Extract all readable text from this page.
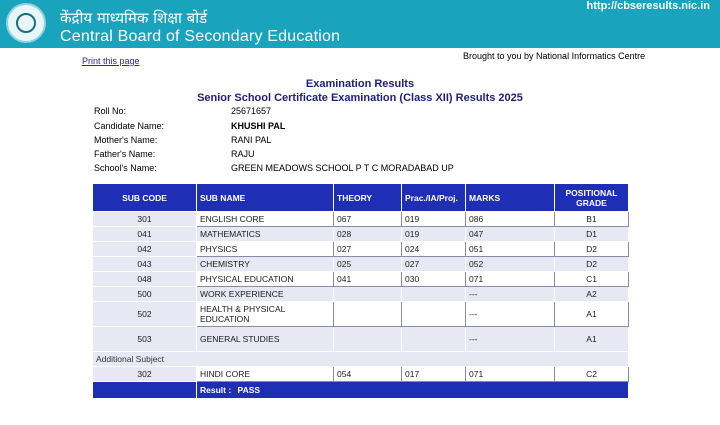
केंद्रीय माध्यमिक शिक्षा बोर्ड
Central Board of Secondary Education
http://cbseresults.nic.in
Print this page	Brought to you by National Informatics Centre
Examination Results
Senior School Certificate Examination (Class XII) Results 2025
Roll No:	25671657
Candidate Name:	KHUSHI PAL
Mother's Name:	RANI PAL
Father's Name:	RAJU
School's Name:	GREEN MEADOWS SCHOOL P T C MORADABAD UP
SUB CODE	SUB NAME	THEORY	Prac./IA/Proj.	MARKS	POSITIONAL GRADE
301	ENGLISH CORE	067	019	086	B1
041	MATHEMATICS	028	019	047	D1
042	PHYSICS	027	024	051	D2
043	CHEMISTRY	025	027	052	D2
048	PHYSICAL EDUCATION	041	030	071	C1
500	WORK EXPERIENCE			---	A2
502	HEALTH & PHYSICAL EDUCATION			---	A1
503	GENERAL STUDIES			---	A1
Additional Subject					
302	HINDI CORE	054	017	071	C2
	Result : PASS				
